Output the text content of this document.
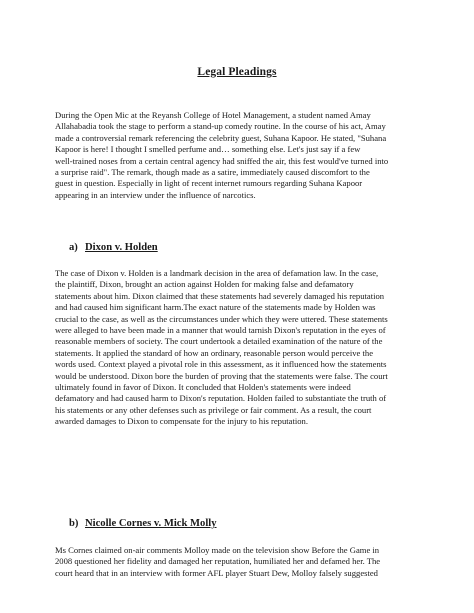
Legal Pleadings
During the Open Mic at the Reyansh College of Hotel Management, a student named Amay
Allahabadia took the stage to perform a stand-up comedy routine. In the course of his act, Amay
made a controversial remark referencing the celebrity guest, Suhana Kapoor. He stated, "Suhana
Kapoor is here! I thought I smelled perfume and… something else. Let's just say if a few
well-trained noses from a certain central agency had sniffed the air, this fest would've turned into
a surprise raid". The remark, though made as a satire, immediately caused discomfort to the
guest in question. Especially in light of recent internet rumours regarding Suhana Kapoor
appearing in an interview under the influence of narcotics.
a) Dixon v. Holden
The case of Dixon v. Holden is a landmark decision in the area of defamation law. In the case,
the plaintiff, Dixon, brought an action against Holden for making false and defamatory
statements about him. Dixon claimed that these statements had severely damaged his reputation
and had caused him significant harm.The exact nature of the statements made by Holden was
crucial to the case, as well as the circumstances under which they were uttered. These statements
were alleged to have been made in a manner that would tarnish Dixon's reputation in the eyes of
reasonable members of society. The court undertook a detailed examination of the nature of the
statements. It applied the standard of how an ordinary, reasonable person would perceive the
words used. Context played a pivotal role in this assessment, as it influenced how the statements
would be understood. Dixon bore the burden of proving that the statements were false. The court
ultimately found in favor of Dixon. It concluded that Holden's statements were indeed
defamatory and had caused harm to Dixon's reputation. Holden failed to substantiate the truth of
his statements or any other defenses such as privilege or fair comment. As a result, the court
awarded damages to Dixon to compensate for the injury to his reputation.
b) Nicolle Cornes v. Mick Molly
Ms Cornes claimed on-air comments Molloy made on the television show Before the Game in
2008 questioned her fidelity and damaged her reputation, humiliated her and defamed her. The
court heard that in an interview with former AFL player Stuart Dew, Molloy falsely suggested
